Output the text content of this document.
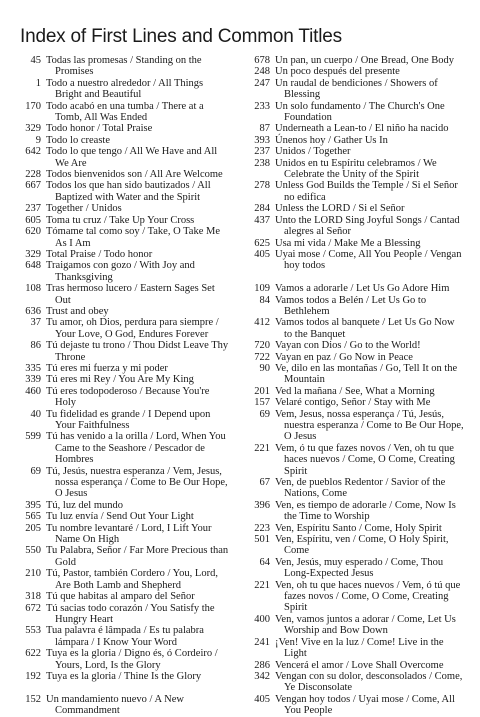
Index of First Lines and Common Titles
45 Todas las promesas / Standing on the
Promises
1 Todo a nuestro alrededor / All Things
Bright and Beautiful
170 Todo acabó en una tumba / There at a
Tomb, All Was Ended
329 Todo honor / Total Praise
9 Todo lo creaste
642 Todo lo que tengo / All We Have and All
We Are
228 Todos bienvenidos son / All Are Welcome
667 Todos los que han sido bautizados / All
Baptized with Water and the Spirit
237 Together / Unidos
605 Toma tu cruz / Take Up Your Cross
620 Tómame tal como soy / Take, O Take Me
As I Am
329 Total Praise / Todo honor
648 Traigamos con gozo / With Joy and
Thanksgiving
108 Tras hermoso lucero / Eastern Sages Set
Out
636 Trust and obey
37 Tu amor, oh Dios, perdura para siempre /
Your Love, O God, Endures Forever
86 Tú dejaste tu trono / Thou Didst Leave Thy
Throne
335 Tú eres mi fuerza y mi poder
339 Tú eres mi Rey / You Are My King
460 Tú eres todopoderoso / Because You're
Holy
40 Tu fidelidad es grande / I Depend upon
Your Faithfulness
599 Tú has venido a la orilla / Lord, When You
Came to the Seashore / Pescador de
Hombres
69 Tú, Jesús, nuestra esperanza / Vem, Jesus,
nossa esperança / Come to Be Our Hope,
O Jesus
395 Tú, luz del mundo
565 Tu luz envía / Send Out Your Light
205 Tu nombre levantaré / Lord, I Lift Your
Name On High
550 Tu Palabra, Señor / Far More Precious than
Gold
210 Tú, Pastor, también Cordero / You, Lord,
Are Both Lamb and Shepherd
318 Tú que habitas al amparo del Señor
672 Tú sacias todo corazón / You Satisfy the
Hungry Heart
553 Tua palavra é lâmpada / Es tu palabra
lámpara / I Know Your Word
622 Tuya es la gloria / Digno és, ó Cordeiro /
Yours, Lord, Is the Glory
192 Tuya es la gloria / Thine Is the Glory
152 Un mandamiento nuevo / A New
Commandment
678 Un pan, un cuerpo / One Bread, One Body
248 Un poco después del presente
247 Un raudal de bendiciones / Showers of
Blessing
233 Un solo fundamento / The Church's One
Foundation
87 Underneath a Lean-to / El niño ha nacido
393 Únenos hoy / Gather Us In
237 Unidos / Together
238 Unidos en tu Espíritu celebramos / We
Celebrate the Unity of the Spirit
278 Unless God Builds the Temple / Si el Señor
no edifica
284 Unless the LORD / Si el Señor
437 Unto the LORD Sing Joyful Songs / Cantad
alegres al Señor
625 Usa mi vida / Make Me a Blessing
405 Uyai mose / Come, All You People / Vengan
hoy todos
109 Vamos a adorarle / Let Us Go Adore Him
84 Vamos todos a Belén / Let Us Go to
Bethlehem
412 Vamos todos al banquete / Let Us Go Now
to the Banquet
720 Vayan con Dios / Go to the World!
722 Vayan en paz / Go Now in Peace
90 Ve, dilo en las montañas / Go, Tell It on the
Mountain
201 Ved la mañana / See, What a Morning
157 Velaré contigo, Señor / Stay with Me
69 Vem, Jesus, nossa esperança / Tú, Jesús,
nuestra esperanza / Come to Be Our Hope,
O Jesus
221 Vem, ó tu que fazes novos / Ven, oh tu que
haces nuevos / Come, O Come, Creating
Spirit
67 Ven, de pueblos Redentor / Savior of the
Nations, Come
396 Ven, es tiempo de adorarle / Come, Now Is
the Time to Worship
223 Ven, Espíritu Santo / Come, Holy Spirit
501 Ven, Espíritu, ven / Come, O Holy Spirit,
Come
64 Ven, Jesús, muy esperado / Come, Thou
Long-Expected Jesus
221 Ven, oh tu que haces nuevos / Vem, ó tú que
fazes novos / Come, O Come, Creating
Spirit
400 Ven, vamos juntos a adorar / Come, Let Us
Worship and Bow Down
241 ¡Ven! Vive en la luz / Come! Live in the
Light
286 Vencerá el amor / Love Shall Overcome
342 Vengan con su dolor, desconsolados / Come,
Ye Disconsolate
405 Vengan hoy todos / Uyai mose / Come, All
You People
